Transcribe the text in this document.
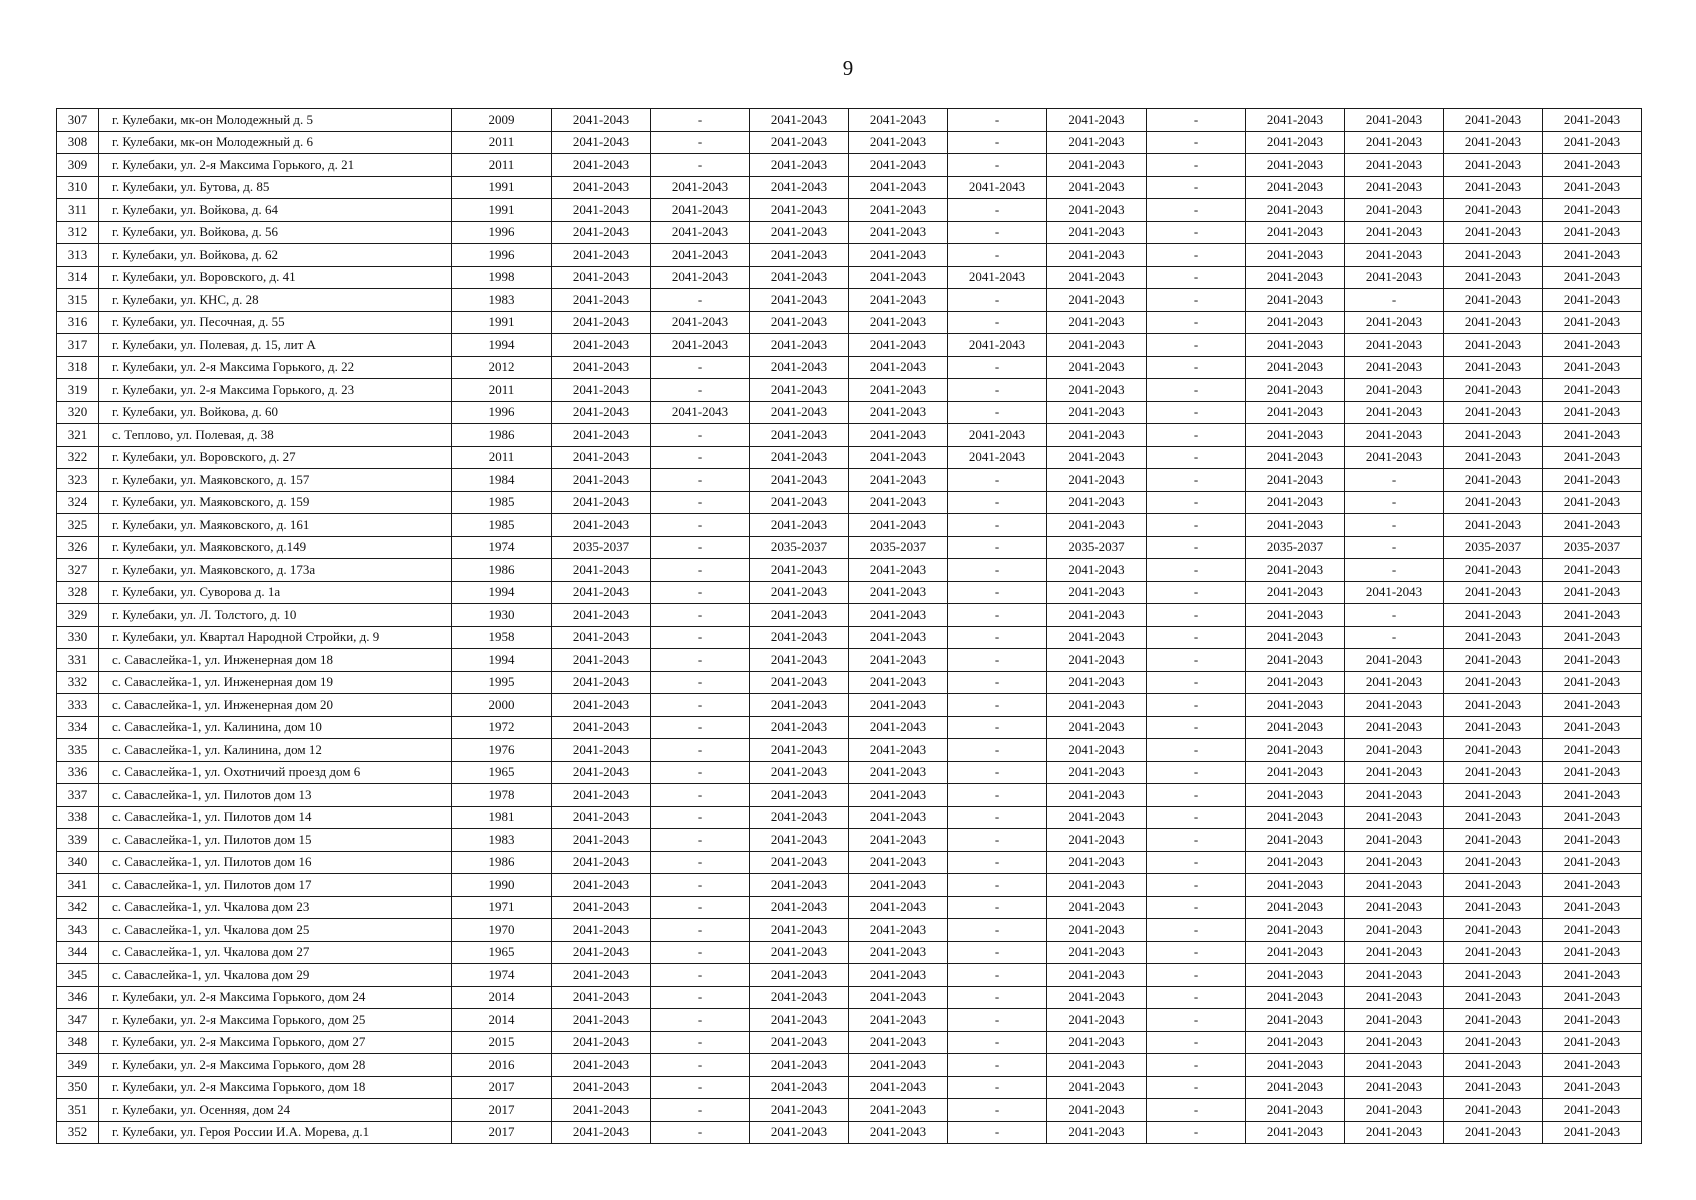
9
307	г. Кулебаки, мк-он Молодежный д. 5	2009	2041-2043	-	2041-2043	2041-2043	-	2041-2043	-	2041-2043	2041-2043	2041-2043	2041-2043
308	г. Кулебаки, мк-он Молодежный д. 6	2011	2041-2043	-	2041-2043	2041-2043	-	2041-2043	-	2041-2043	2041-2043	2041-2043	2041-2043
309	г. Кулебаки, ул. 2-я Максима Горького, д. 21	2011	2041-2043	-	2041-2043	2041-2043	-	2041-2043	-	2041-2043	2041-2043	2041-2043	2041-2043
310	г. Кулебаки, ул. Бутова, д. 85	1991	2041-2043	2041-2043	2041-2043	2041-2043	2041-2043	2041-2043	-	2041-2043	2041-2043	2041-2043	2041-2043
311	г. Кулебаки, ул. Войкова, д. 64	1991	2041-2043	2041-2043	2041-2043	2041-2043	-	2041-2043	-	2041-2043	2041-2043	2041-2043	2041-2043
312	г. Кулебаки, ул. Войкова, д. 56	1996	2041-2043	2041-2043	2041-2043	2041-2043	-	2041-2043	-	2041-2043	2041-2043	2041-2043	2041-2043
313	г. Кулебаки, ул. Войкова, д. 62	1996	2041-2043	2041-2043	2041-2043	2041-2043	-	2041-2043	-	2041-2043	2041-2043	2041-2043	2041-2043
314	г. Кулебаки, ул. Воровского, д. 41	1998	2041-2043	2041-2043	2041-2043	2041-2043	2041-2043	2041-2043	-	2041-2043	2041-2043	2041-2043	2041-2043
315	г. Кулебаки, ул. КНС, д. 28	1983	2041-2043	-	2041-2043	2041-2043	-	2041-2043	-	2041-2043	-	2041-2043	2041-2043
316	г. Кулебаки, ул. Песочная, д. 55	1991	2041-2043	2041-2043	2041-2043	2041-2043	-	2041-2043	-	2041-2043	2041-2043	2041-2043	2041-2043
317	г. Кулебаки, ул. Полевая, д. 15, лит А	1994	2041-2043	2041-2043	2041-2043	2041-2043	2041-2043	2041-2043	-	2041-2043	2041-2043	2041-2043	2041-2043
318	г. Кулебаки, ул. 2-я Максима Горького, д. 22	2012	2041-2043	-	2041-2043	2041-2043	-	2041-2043	-	2041-2043	2041-2043	2041-2043	2041-2043
319	г. Кулебаки, ул. 2-я Максима Горького, д. 23	2011	2041-2043	-	2041-2043	2041-2043	-	2041-2043	-	2041-2043	2041-2043	2041-2043	2041-2043
320	г. Кулебаки, ул. Войкова, д. 60	1996	2041-2043	2041-2043	2041-2043	2041-2043	-	2041-2043	-	2041-2043	2041-2043	2041-2043	2041-2043
321	с. Теплово, ул. Полевая, д. 38	1986	2041-2043	-	2041-2043	2041-2043	2041-2043	2041-2043	-	2041-2043	2041-2043	2041-2043	2041-2043
322	г. Кулебаки, ул. Воровского, д. 27	2011	2041-2043	-	2041-2043	2041-2043	2041-2043	2041-2043	-	2041-2043	2041-2043	2041-2043	2041-2043
323	г. Кулебаки, ул. Маяковского, д. 157	1984	2041-2043	-	2041-2043	2041-2043	-	2041-2043	-	2041-2043	-	2041-2043	2041-2043
324	г. Кулебаки, ул. Маяковского, д. 159	1985	2041-2043	-	2041-2043	2041-2043	-	2041-2043	-	2041-2043	-	2041-2043	2041-2043
325	г. Кулебаки, ул. Маяковского, д. 161	1985	2041-2043	-	2041-2043	2041-2043	-	2041-2043	-	2041-2043	-	2041-2043	2041-2043
326	г. Кулебаки, ул. Маяковского, д.149	1974	2035-2037	-	2035-2037	2035-2037	-	2035-2037	-	2035-2037	-	2035-2037	2035-2037
327	г. Кулебаки, ул. Маяковского, д. 173а	1986	2041-2043	-	2041-2043	2041-2043	-	2041-2043	-	2041-2043	-	2041-2043	2041-2043
328	г. Кулебаки, ул. Суворова д. 1а	1994	2041-2043	-	2041-2043	2041-2043	-	2041-2043	-	2041-2043	2041-2043	2041-2043	2041-2043
329	г. Кулебаки, ул. Л. Толстого, д. 10	1930	2041-2043	-	2041-2043	2041-2043	-	2041-2043	-	2041-2043	-	2041-2043	2041-2043
330	г. Кулебаки, ул. Квартал Народной Стройки, д. 9	1958	2041-2043	-	2041-2043	2041-2043	-	2041-2043	-	2041-2043	-	2041-2043	2041-2043
331	с. Саваслейка-1, ул. Инженерная дом 18	1994	2041-2043	-	2041-2043	2041-2043	-	2041-2043	-	2041-2043	2041-2043	2041-2043	2041-2043
332	с. Саваслейка-1, ул. Инженерная дом 19	1995	2041-2043	-	2041-2043	2041-2043	-	2041-2043	-	2041-2043	2041-2043	2041-2043	2041-2043
333	с. Саваслейка-1, ул. Инженерная дом 20	2000	2041-2043	-	2041-2043	2041-2043	-	2041-2043	-	2041-2043	2041-2043	2041-2043	2041-2043
334	с. Саваслейка-1, ул. Калинина, дом 10	1972	2041-2043	-	2041-2043	2041-2043	-	2041-2043	-	2041-2043	2041-2043	2041-2043	2041-2043
335	с. Саваслейка-1, ул. Калинина, дом 12	1976	2041-2043	-	2041-2043	2041-2043	-	2041-2043	-	2041-2043	2041-2043	2041-2043	2041-2043
336	с. Саваслейка-1, ул. Охотничий проезд дом 6	1965	2041-2043	-	2041-2043	2041-2043	-	2041-2043	-	2041-2043	2041-2043	2041-2043	2041-2043
337	с. Саваслейка-1, ул. Пилотов дом 13	1978	2041-2043	-	2041-2043	2041-2043	-	2041-2043	-	2041-2043	2041-2043	2041-2043	2041-2043
338	с. Саваслейка-1, ул. Пилотов дом 14	1981	2041-2043	-	2041-2043	2041-2043	-	2041-2043	-	2041-2043	2041-2043	2041-2043	2041-2043
339	с. Саваслейка-1, ул. Пилотов дом 15	1983	2041-2043	-	2041-2043	2041-2043	-	2041-2043	-	2041-2043	2041-2043	2041-2043	2041-2043
340	с. Саваслейка-1, ул. Пилотов дом 16	1986	2041-2043	-	2041-2043	2041-2043	-	2041-2043	-	2041-2043	2041-2043	2041-2043	2041-2043
341	с. Саваслейка-1, ул. Пилотов дом 17	1990	2041-2043	-	2041-2043	2041-2043	-	2041-2043	-	2041-2043	2041-2043	2041-2043	2041-2043
342	с. Саваслейка-1, ул. Чкалова дом 23	1971	2041-2043	-	2041-2043	2041-2043	-	2041-2043	-	2041-2043	2041-2043	2041-2043	2041-2043
343	с. Саваслейка-1, ул. Чкалова дом 25	1970	2041-2043	-	2041-2043	2041-2043	-	2041-2043	-	2041-2043	2041-2043	2041-2043	2041-2043
344	с. Саваслейка-1, ул. Чкалова дом 27	1965	2041-2043	-	2041-2043	2041-2043	-	2041-2043	-	2041-2043	2041-2043	2041-2043	2041-2043
345	с. Саваслейка-1, ул. Чкалова дом 29	1974	2041-2043	-	2041-2043	2041-2043	-	2041-2043	-	2041-2043	2041-2043	2041-2043	2041-2043
346	г. Кулебаки, ул. 2-я Максима Горького, дом 24	2014	2041-2043	-	2041-2043	2041-2043	-	2041-2043	-	2041-2043	2041-2043	2041-2043	2041-2043
347	г. Кулебаки, ул. 2-я Максима Горького, дом 25	2014	2041-2043	-	2041-2043	2041-2043	-	2041-2043	-	2041-2043	2041-2043	2041-2043	2041-2043
348	г. Кулебаки, ул. 2-я Максима Горького, дом 27	2015	2041-2043	-	2041-2043	2041-2043	-	2041-2043	-	2041-2043	2041-2043	2041-2043	2041-2043
349	г. Кулебаки, ул. 2-я Максима Горького, дом 28	2016	2041-2043	-	2041-2043	2041-2043	-	2041-2043	-	2041-2043	2041-2043	2041-2043	2041-2043
350	г. Кулебаки, ул. 2-я Максима Горького, дом 18	2017	2041-2043	-	2041-2043	2041-2043	-	2041-2043	-	2041-2043	2041-2043	2041-2043	2041-2043
351	г. Кулебаки, ул. Осенняя, дом 24	2017	2041-2043	-	2041-2043	2041-2043	-	2041-2043	-	2041-2043	2041-2043	2041-2043	2041-2043
352	г. Кулебаки, ул. Героя России И.А. Морева, д.1	2017	2041-2043	-	2041-2043	2041-2043	-	2041-2043	-	2041-2043	2041-2043	2041-2043	2041-2043
